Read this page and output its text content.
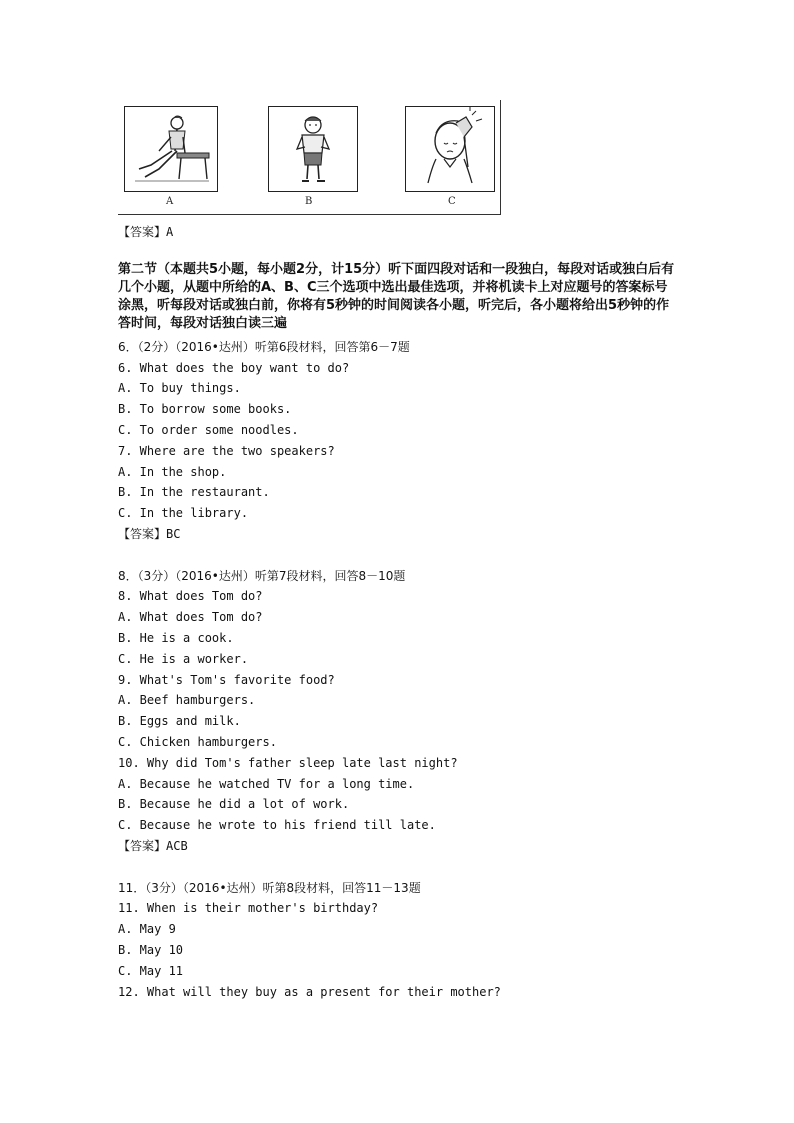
A	B	C
【答案】A
第二节（本题共5小题，每小题2分，计15分）听下面四段对话和一段独白，每段对话或独白后有几个小题，从题中所给的A、B、C三个选项中选出最佳选项，并将机读卡上对应题号的答案标号涂黑，听每段对话或独白前，你将有5秒钟的时间阅读各小题，听完后，各小题将给出5秒钟的作答时间，每段对话独白读三遍
6．（2分）（2016•达州）听第6段材料，回答第6－7题
6. What does the boy want to do?
A. To buy things.
B. To borrow some books.
C. To order some noodles.
7. Where are the two speakers?
A. In the shop.
B. In the restaurant.
C. In the library.
【答案】BC
8．（3分）（2016•达州）听第7段材料，回答8－10题
8. What does Tom do?
A. What does Tom do?
B. He is a cook.
C. He is a worker.
9. What's Tom's favorite food?
A. Beef hamburgers.
B. Eggs and milk.
C. Chicken hamburgers.
10. Why did Tom's father sleep late last night?
A. Because he watched TV for a long time.
B. Because he did a lot of work.
C. Because he wrote to his friend till late.
【答案】ACB
11．（3分）（2016•达州）听第8段材料，回答11－13题
11. When is their mother's birthday?
A. May 9
B. May 10
C. May 11
12. What will they buy as a present for their mother?
